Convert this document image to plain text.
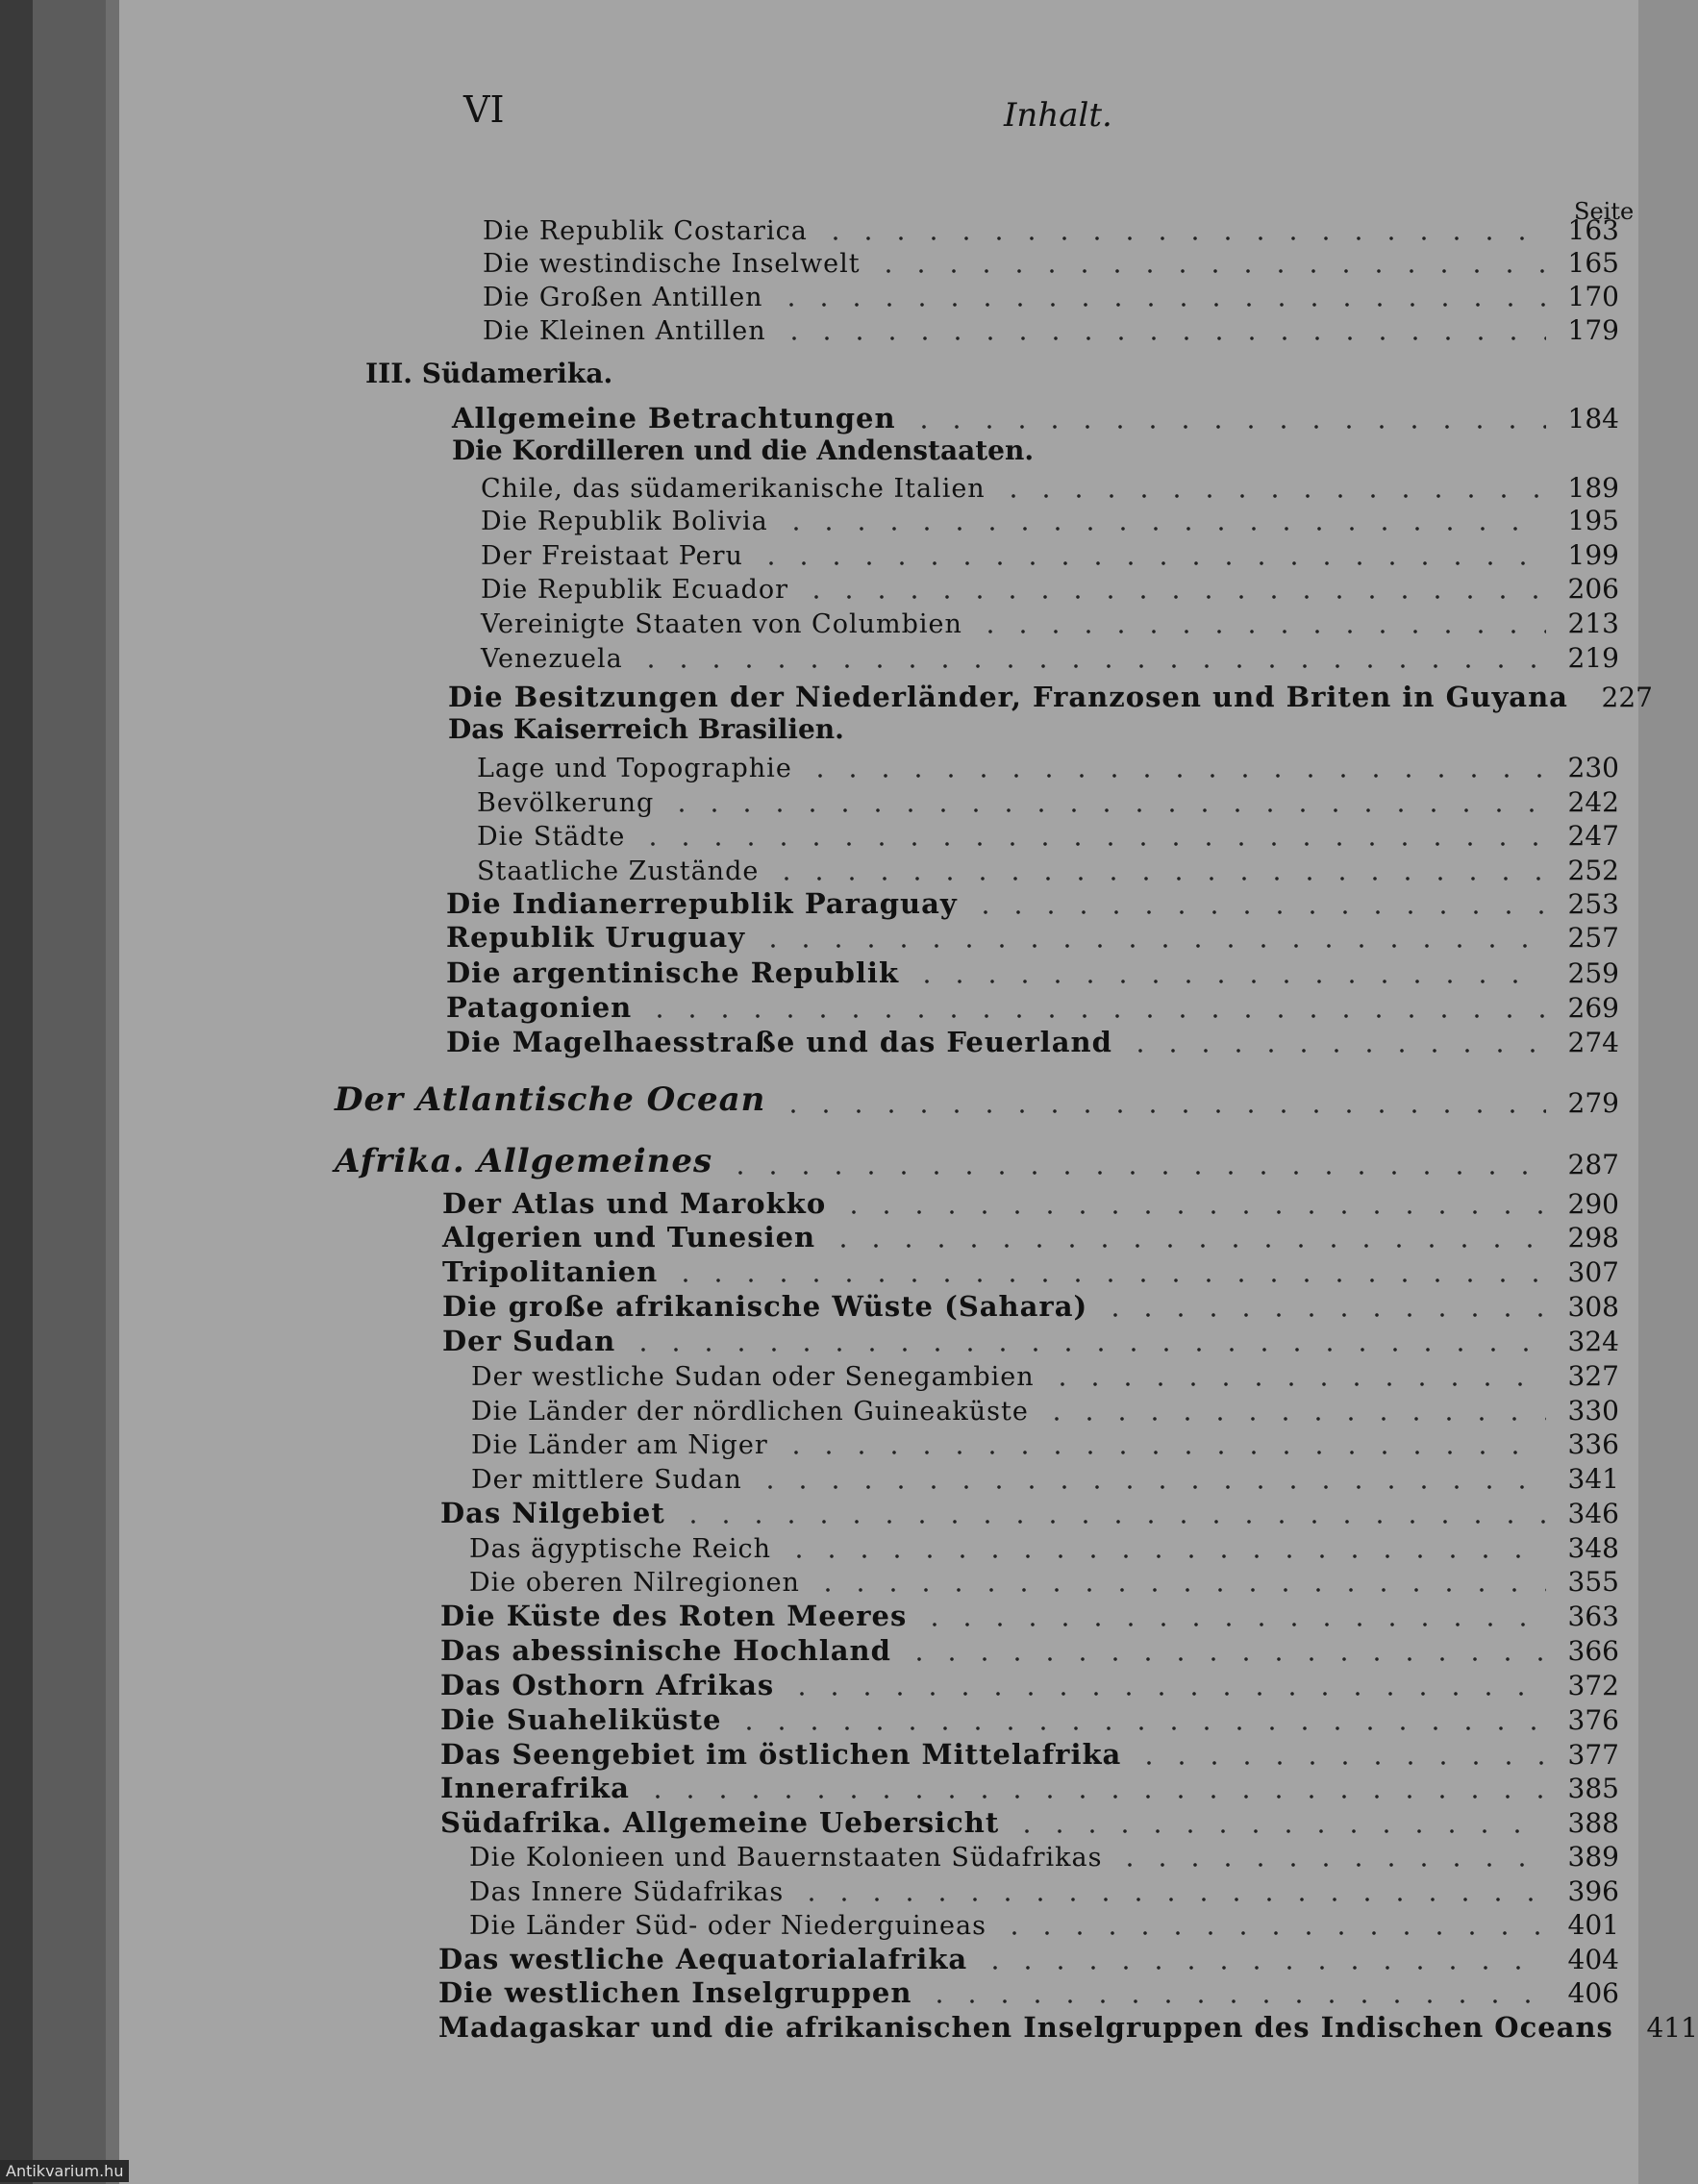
VI	Inhalt.
Seite
Die Republik Costarica	163
Die westindische Inselwelt	165
Die Großen Antillen	170
Die Kleinen Antillen	179
Allgemeine Betrachtungen	184
Chile, das südamerikanische Italien	189
Die Republik Bolivia	195
Der Freistaat Peru	199
Die Republik Ecuador	206
Vereinigte Staaten von Columbien	213
Venezuela	219
Die Besitzungen der Niederländer, Franzosen und Briten in Guyana	227
Lage und Topographie	230
Bevölkerung	242
Die Städte	247
Staatliche Zustände	252
Die Indianerrepublik Paraguay	253
Republik Uruguay	257
Die argentinische Republik	259
Patagonien	269
Die Magelhaesstraße und das Feuerland	274
Der Atlantische Ocean	279
Afrika. Allgemeines	287
Der Atlas und Marokko	290
Algerien und Tunesien	298
Tripolitanien	307
Die große afrikanische Wüste (Sahara)	308
Der Sudan	324
Der westliche Sudan oder Senegambien	327
Die Länder der nördlichen Guineaküste	330
Die Länder am Niger	336
Der mittlere Sudan	341
Das Nilgebiet	346
Das ägyptische Reich	348
Die oberen Nilregionen	355
Die Küste des Roten Meeres	363
Das abessinische Hochland	366
Das Osthorn Afrikas	372
Die Suaheliküste	376
Das Seengebiet im östlichen Mittelafrika	377
Innerafrika	385
Südafrika. Allgemeine Uebersicht	388
Die Kolonieen und Bauernstaaten Südafrikas	389
Das Innere Südafrikas	396
Die Länder Süd- oder Niederguineas	401
Das westliche Aequatorialafrika	404
Die westlichen Inselgruppen	406
Madagaskar und die afrikanischen Inselgruppen des Indischen Oceans	411
III. Südamerika.
Die Kordilleren und die Andenstaaten.
Das Kaiserreich Brasilien.
Antikvarium.hu
